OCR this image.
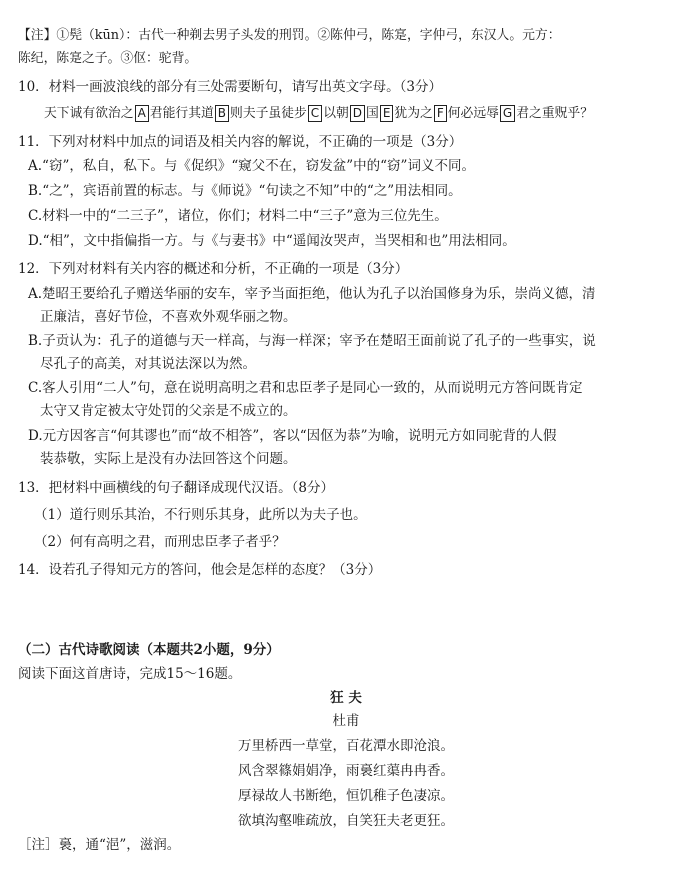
【注】①髡（kūn）：古代一种剃去男子头发的刑罚。②陈仲弓，陈寔，字仲弓，东汉人。元方：
陈纪，陈寔之子。③伛：驼背。
10．材料一画波浪线的部分有三处需要断句，请写出英文字母。（3分）
天下诚有欲治之 A 君能行其道 B 则夫子虽徒步 C 以朝 D 国 E 犹为之 F 何必远辱 G 君之重贶乎？
11．下列对材料中加点的词语及相关内容的解说，不正确的一项是（3分）
A.“窃”，私自，私下。与《促织》“窥父不在，窃发盆”中的“窃”词义不同。
B.“之”，宾语前置的标志。与《师说》“句读之不知”中的“之”用法相同。
C.材料一中的“二三子”，诸位，你们；材料二中“三子”意为三位先生。
D.“相”，文中指偏指一方。与《与妻书》中“遥闻汝哭声，当哭相和也”用法相同。
12．下列对材料有关内容的概述和分析，不正确的一项是（3分）
A.楚昭王要给孔子赠送华丽的安车，宰予当面拒绝，他认为孔子以治国修身为乐，崇尚义德，清
正廉洁，喜好节俭，不喜欢外观华丽之物。
B.子贡认为：孔子的道德与天一样高，与海一样深；宰予在楚昭王面前说了孔子的一些事实，说
尽孔子的高美，对其说法深以为然。
C.客人引用“二人”句，意在说明高明之君和忠臣孝子是同心一致的，从而说明元方答问既肯定
太守又肯定被太守处罚的父亲是不成立的。
D.元方因客言“何其谬也”而“故不相答”，客以“因伛为恭”为喻，说明元方如同驼背的人假
装恭敬，实际上是没有办法回答这个问题。
13．把材料中画横线的句子翻译成现代汉语。（8分）
（1）道行则乐其治，不行则乐其身，此所以为夫子也。
（2）何有高明之君，而刑忠臣孝子者乎？
14．设若孔子得知元方的答问，他会是怎样的态度？（3分）
（二）古代诗歌阅读（本题共2小题，9分）
阅读下面这首唐诗，完成15～16题。
狂 夫
杜甫
万里桥西一草堂，百花潭水即沧浪。
风含翠篠娟娟净，雨裛红蕖冉冉香。
厚禄故人书断绝，恒饥稚子色凄凉。
欲填沟壑唯疏放，自笑狂夫老更狂。
［注］裛，通“浥”，滋润。
